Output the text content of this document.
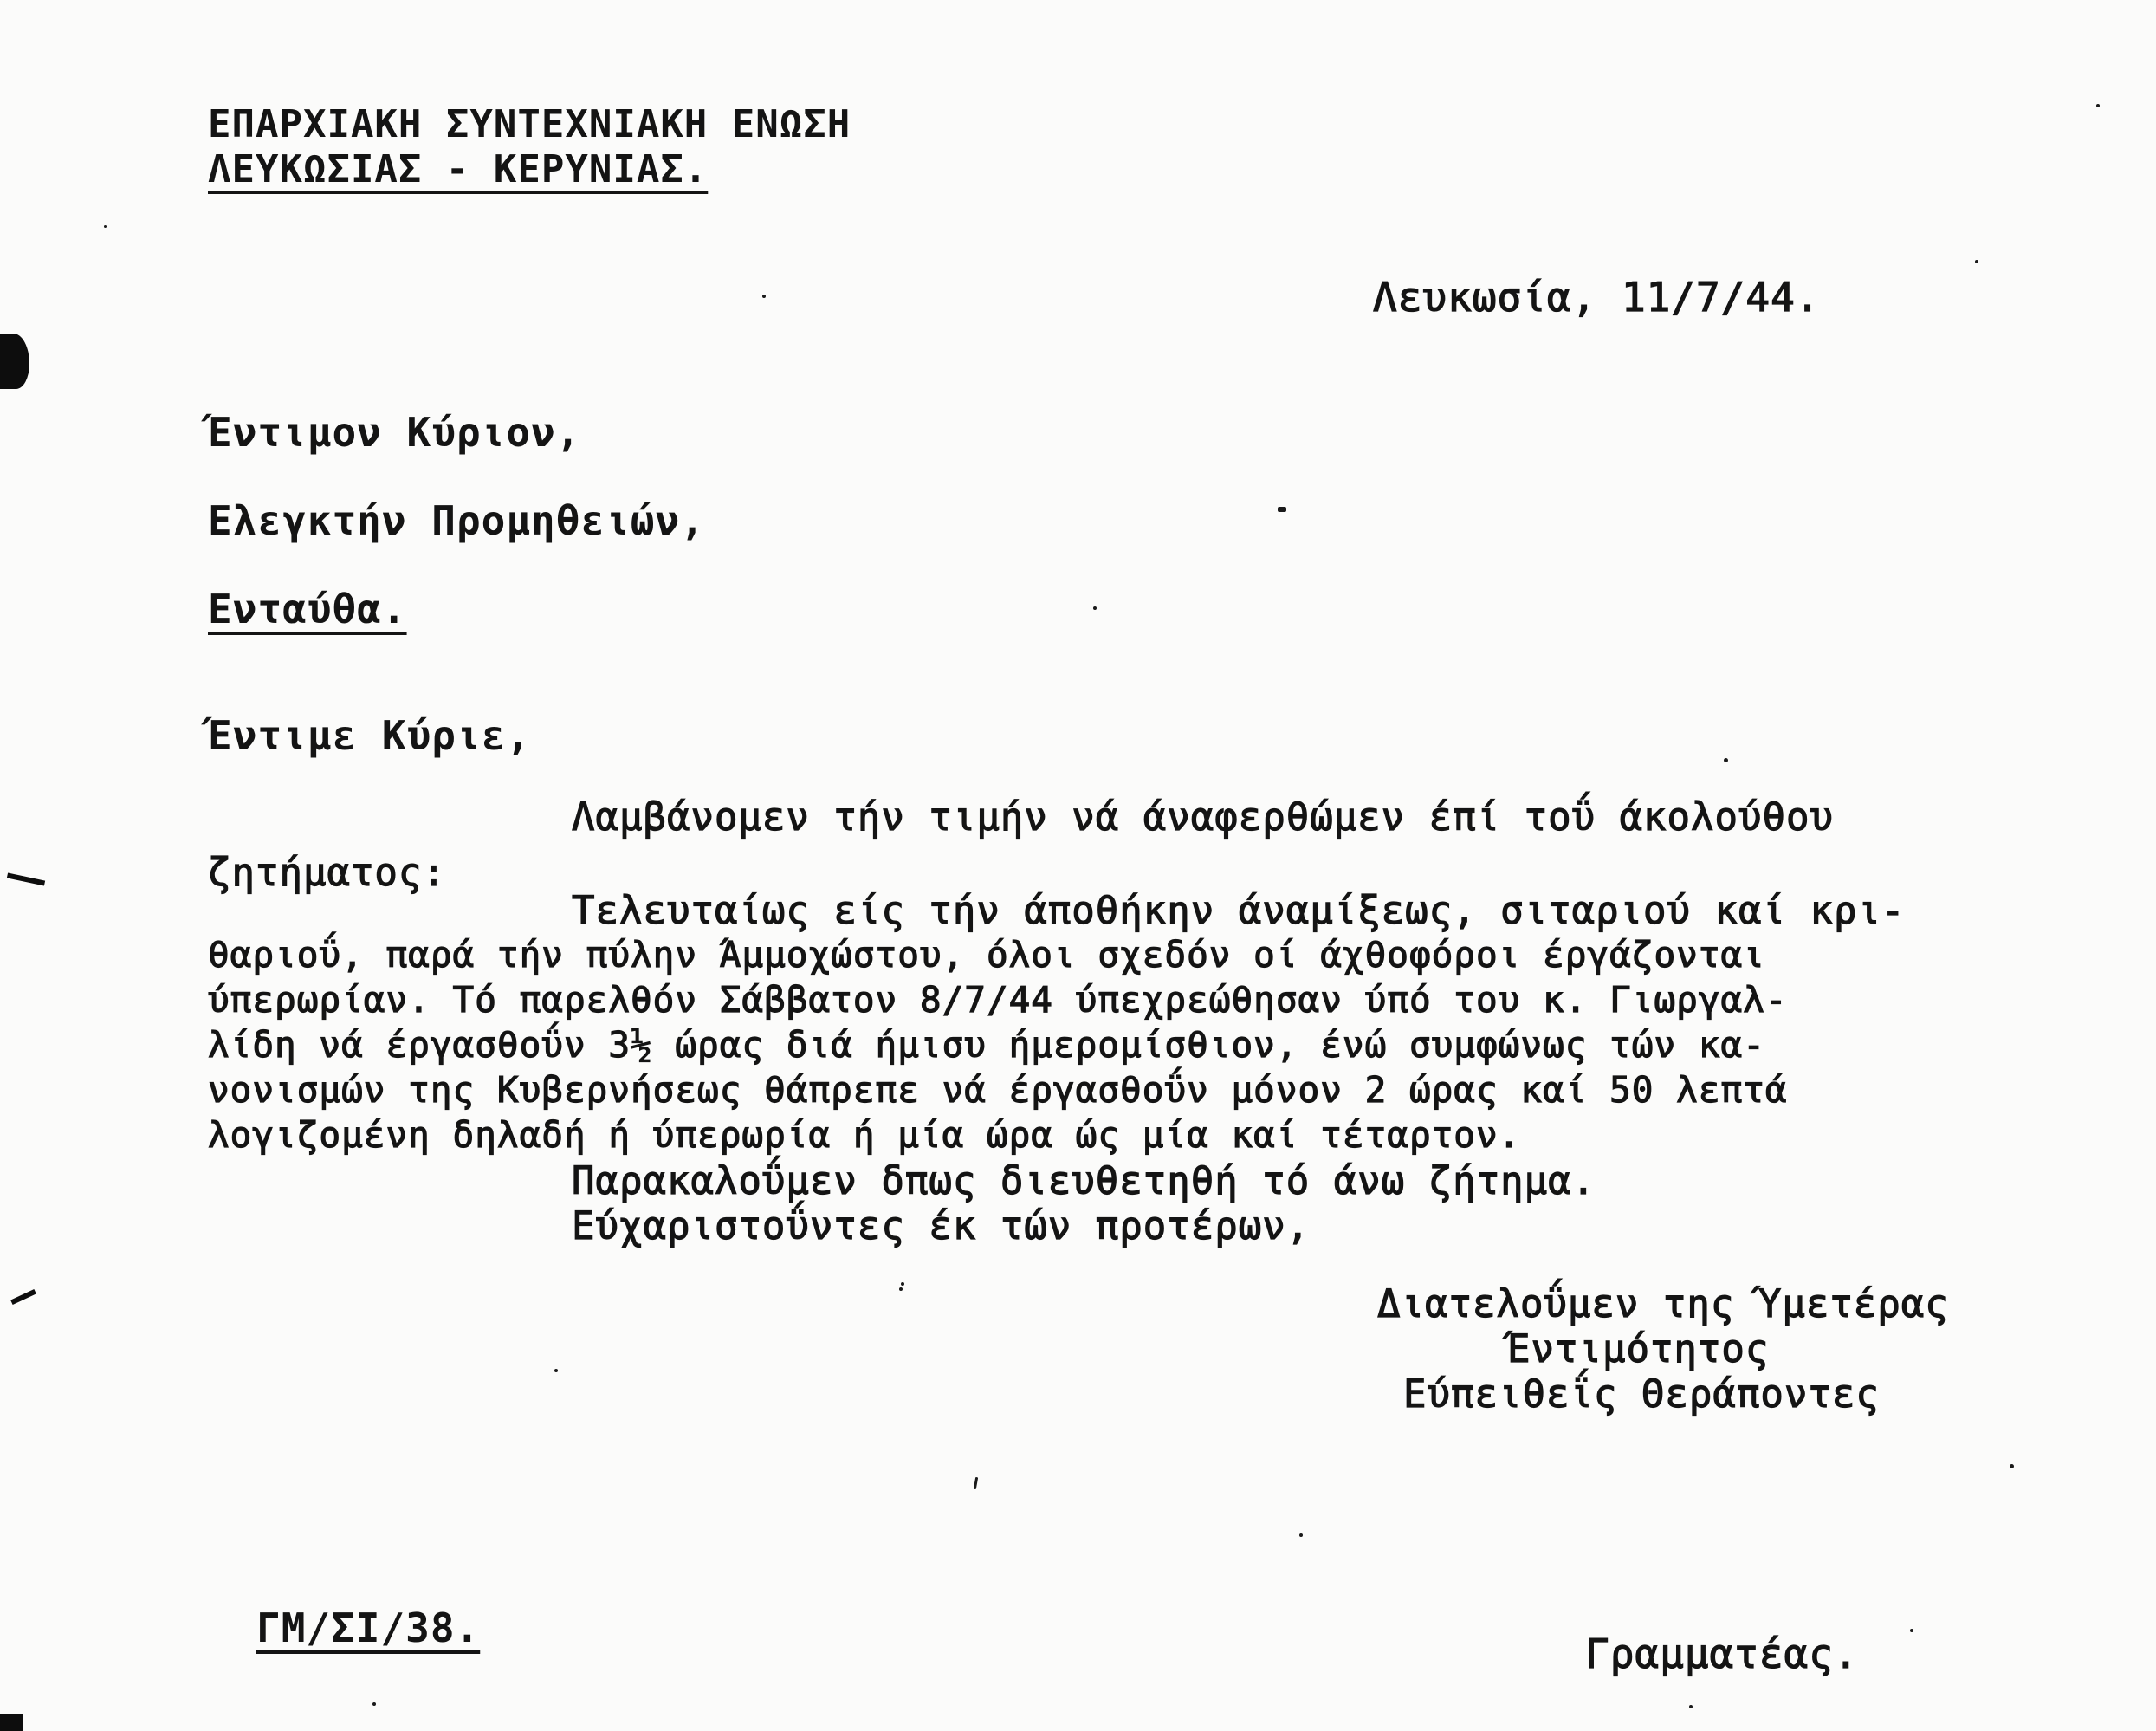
ΕΠΑΡΧΙΑΚΗ ΣΥΝΤΕΧΝΙΑΚΗ ΕΝΩΣΗ
ΛΕΥΚΩΣΙΑΣ - ΚΕΡΥΝΙΑΣ.
Λευκωσία, 11/7/44.
Έντιμον Κύριον,
Ελεγκτήν Προμηθειών,
Ενταύθα.
Έντιμε Κύριε,
Λαμβάνομεν τήν τιμήν νά άναφερθώμεν έπί τοΰ άκολούθου
ζητήματος:
Τελευταίως είς τήν άποθήκην άναμίξεως, σιταριού καί κρι-
θαριοΰ, παρά τήν πύλην Άμμοχώστου, όλοι σχεδόν οί άχθοφόροι έργάζονται
ύπερωρίαν. Τό παρελθόν Σάββατον 8/7/44 ύπεχρεώθησαν ύπό του κ. Γιωργαλ-
λίδη νά έργασθοΰν 3½ ώρας διά ήμισυ ήμερομίσθιον, ένώ συμφώνως τών κα-
νονισμών της Κυβερνήσεως θάπρεπε νά έργασθοΰν μόνον 2 ώρας καί 50 λεπτά
λογιζομένη δηλαδή ή ύπερωρία ή μία ώρα ώς μία καί τέταρτον.
Παρακαλοΰμεν δπως διευθετηθή τό άνω ζήτημα.
Εύχαριστοΰντες έκ τών προτέρων,
Διατελοΰμεν της Ύμετέρας
Έντιμότητος
Εύπειθεΐς Θεράποντες
ΓΜ/ΣΙ/38.
Γραμματέας.
